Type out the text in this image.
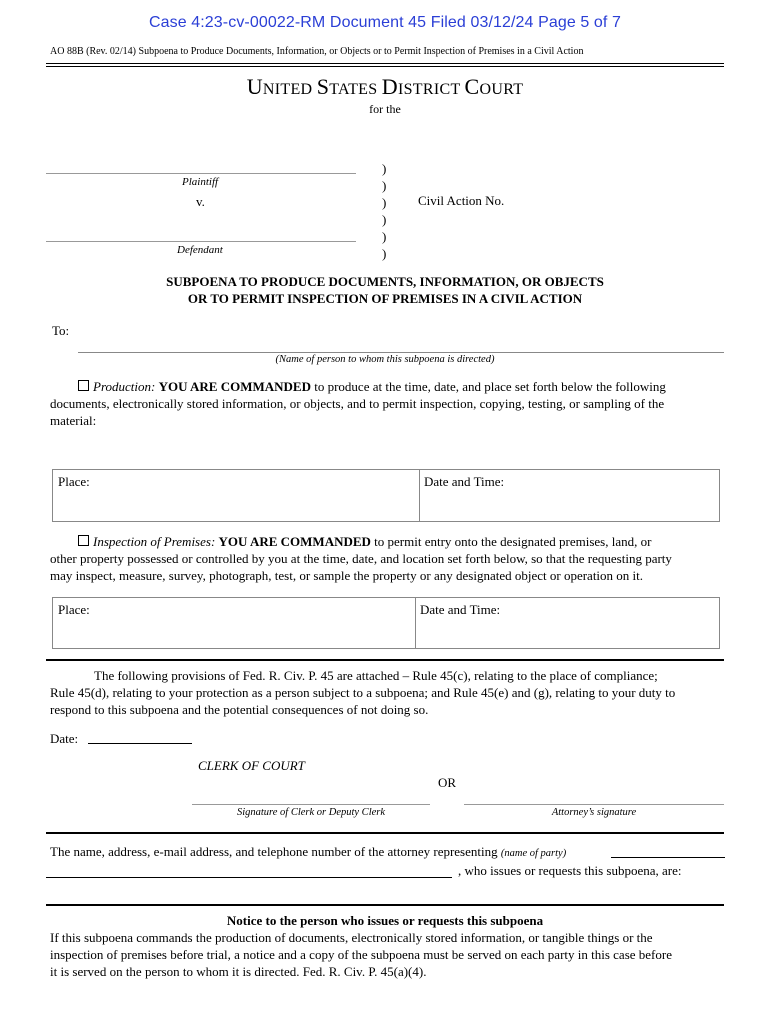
Case 4:23-cv-00022-RM Document 45 Filed 03/12/24 Page 5 of 7
AO 88B (Rev. 02/14) Subpoena to Produce Documents, Information, or Objects or to Permit Inspection of Premises in a Civil Action
UNITED STATES DISTRICT COURT
for the
Plaintiff
v.
Defendant
)
)
)
)
)
)
Civil Action No.
SUBPOENA TO PRODUCE DOCUMENTS, INFORMATION, OR OBJECTS
OR TO PERMIT INSPECTION OF PREMISES IN A CIVIL ACTION
To:
(Name of person to whom this subpoena is directed)
Production: YOU ARE COMMANDED to produce at the time, date, and place set forth below the following
documents, electronically stored information, or objects, and to permit inspection, copying, testing, or sampling of the
material:
Place:	Date and Time:
Inspection of Premises: YOU ARE COMMANDED to permit entry onto the designated premises, land, or
other property possessed or controlled by you at the time, date, and location set forth below, so that the requesting party
may inspect, measure, survey, photograph, test, or sample the property or any designated object or operation on it.
Place:	Date and Time:
The following provisions of Fed. R. Civ. P. 45 are attached – Rule 45(c), relating to the place of compliance;
Rule 45(d), relating to your protection as a person subject to a subpoena; and Rule 45(e) and (g), relating to your duty to
respond to this subpoena and the potential consequences of not doing so.
Date:
CLERK OF COURT
OR
Signature of Clerk or Deputy Clerk	Attorney’s signature
The name, address, e-mail address, and telephone number of the attorney representing (name of party)
, who issues or requests this subpoena, are:
Notice to the person who issues or requests this subpoena
If this subpoena commands the production of documents, electronically stored information, or tangible things or the
inspection of premises before trial, a notice and a copy of the subpoena must be served on each party in this case before
it is served on the person to whom it is directed. Fed. R. Civ. P. 45(a)(4).
